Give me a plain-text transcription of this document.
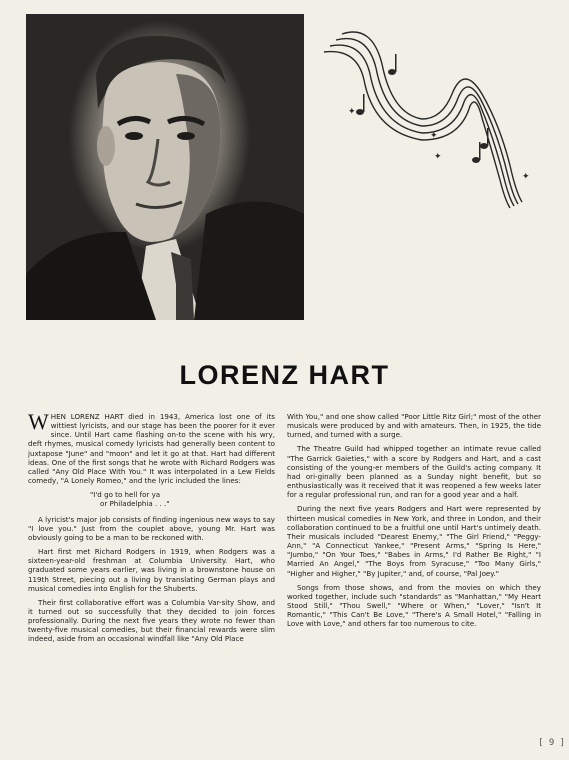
✦
✦
✦
✦
LORENZ HART

WHEN LORENZ HART died in 1943, America lost one of its wittiest lyricists, and our stage has been the poorer for it ever since. Until Hart came flashing on-to the scene with his wry, deft rhymes, musical comedy lyricists had generally been content to juxtapose "June" and "moon" and let it go at that. Hart had different ideas. One of the first songs that he wrote with Richard Rodgers was called "Any Old Place With You." It was interpolated in a Lew Fields comedy, "A Lonely Romeo," and the lyric included the lines:

"I'd go to hell for ya
or Philadelphia . . ."

A lyricist's major job consists of finding ingenious new ways to say "I love you." Just from the couplet above, young Mr. Hart was obviously going to be a man to be reckoned with.

Hart first met Richard Rodgers in 1919, when Rodgers was a sixteen-year-old freshman at Columbia University. Hart, who graduated some years earlier, was living in a brownstone house on 119th Street, piecing out a living by translating German plays and musical comedies into English for the Shuberts.

Their first collaborative effort was a Columbia Var-sity Show, and it turned out so successfully that they decided to join forces professionally. During the next five years they wrote no fewer than twenty-five musical comedies, but their financial rewards were slim indeed, aside from an occasional windfall like "Any Old Place

With You," and one show called "Poor Little Ritz Girl;" most of the other musicals were produced by and with amateurs. Then, in 1925, the tide turned, and turned with a surge.

The Theatre Guild had whipped together an intimate revue called "The Garrick Gaieties," with a score by Rodgers and Hart, and a cast consisting of the young-er members of the Guild's acting company. It had ori-ginally been planned as a Sunday night benefit, but so enthusiastically was it received that it was reopened a few weeks later for a regular professional run, and ran for a good year and a half.

During the next five years Rodgers and Hart were represented by thirteen musical comedies in New York, and three in London, and their collaboration continued to be a fruitful one until Hart's untimely death. Their musicals included "Dearest Enemy," "The Girl Friend," "Peggy-Ann," "A Connecticut Yankee," "Present Arms," "Spring Is Here," "Jumbo," "On Your Toes," "Babes in Arms," I'd Rather Be Right," "I Married An Angel," "The Boys from Syracuse," "Too Many Girls," "Higher and Higher," "By Jupiter," and, of course, "Pal Joey."

Songs from those shows, and from the movies on which they worked together, include such "standards" as "Manhattan," "My Heart Stood Still," "Thou Swell," "Where or When," "Lover," "Isn't It Romantic," "This Can't Be Love," "There's A Small Hotel," "Falling in Love with Love," and others far too numerous to cite.

[ 9 ]
